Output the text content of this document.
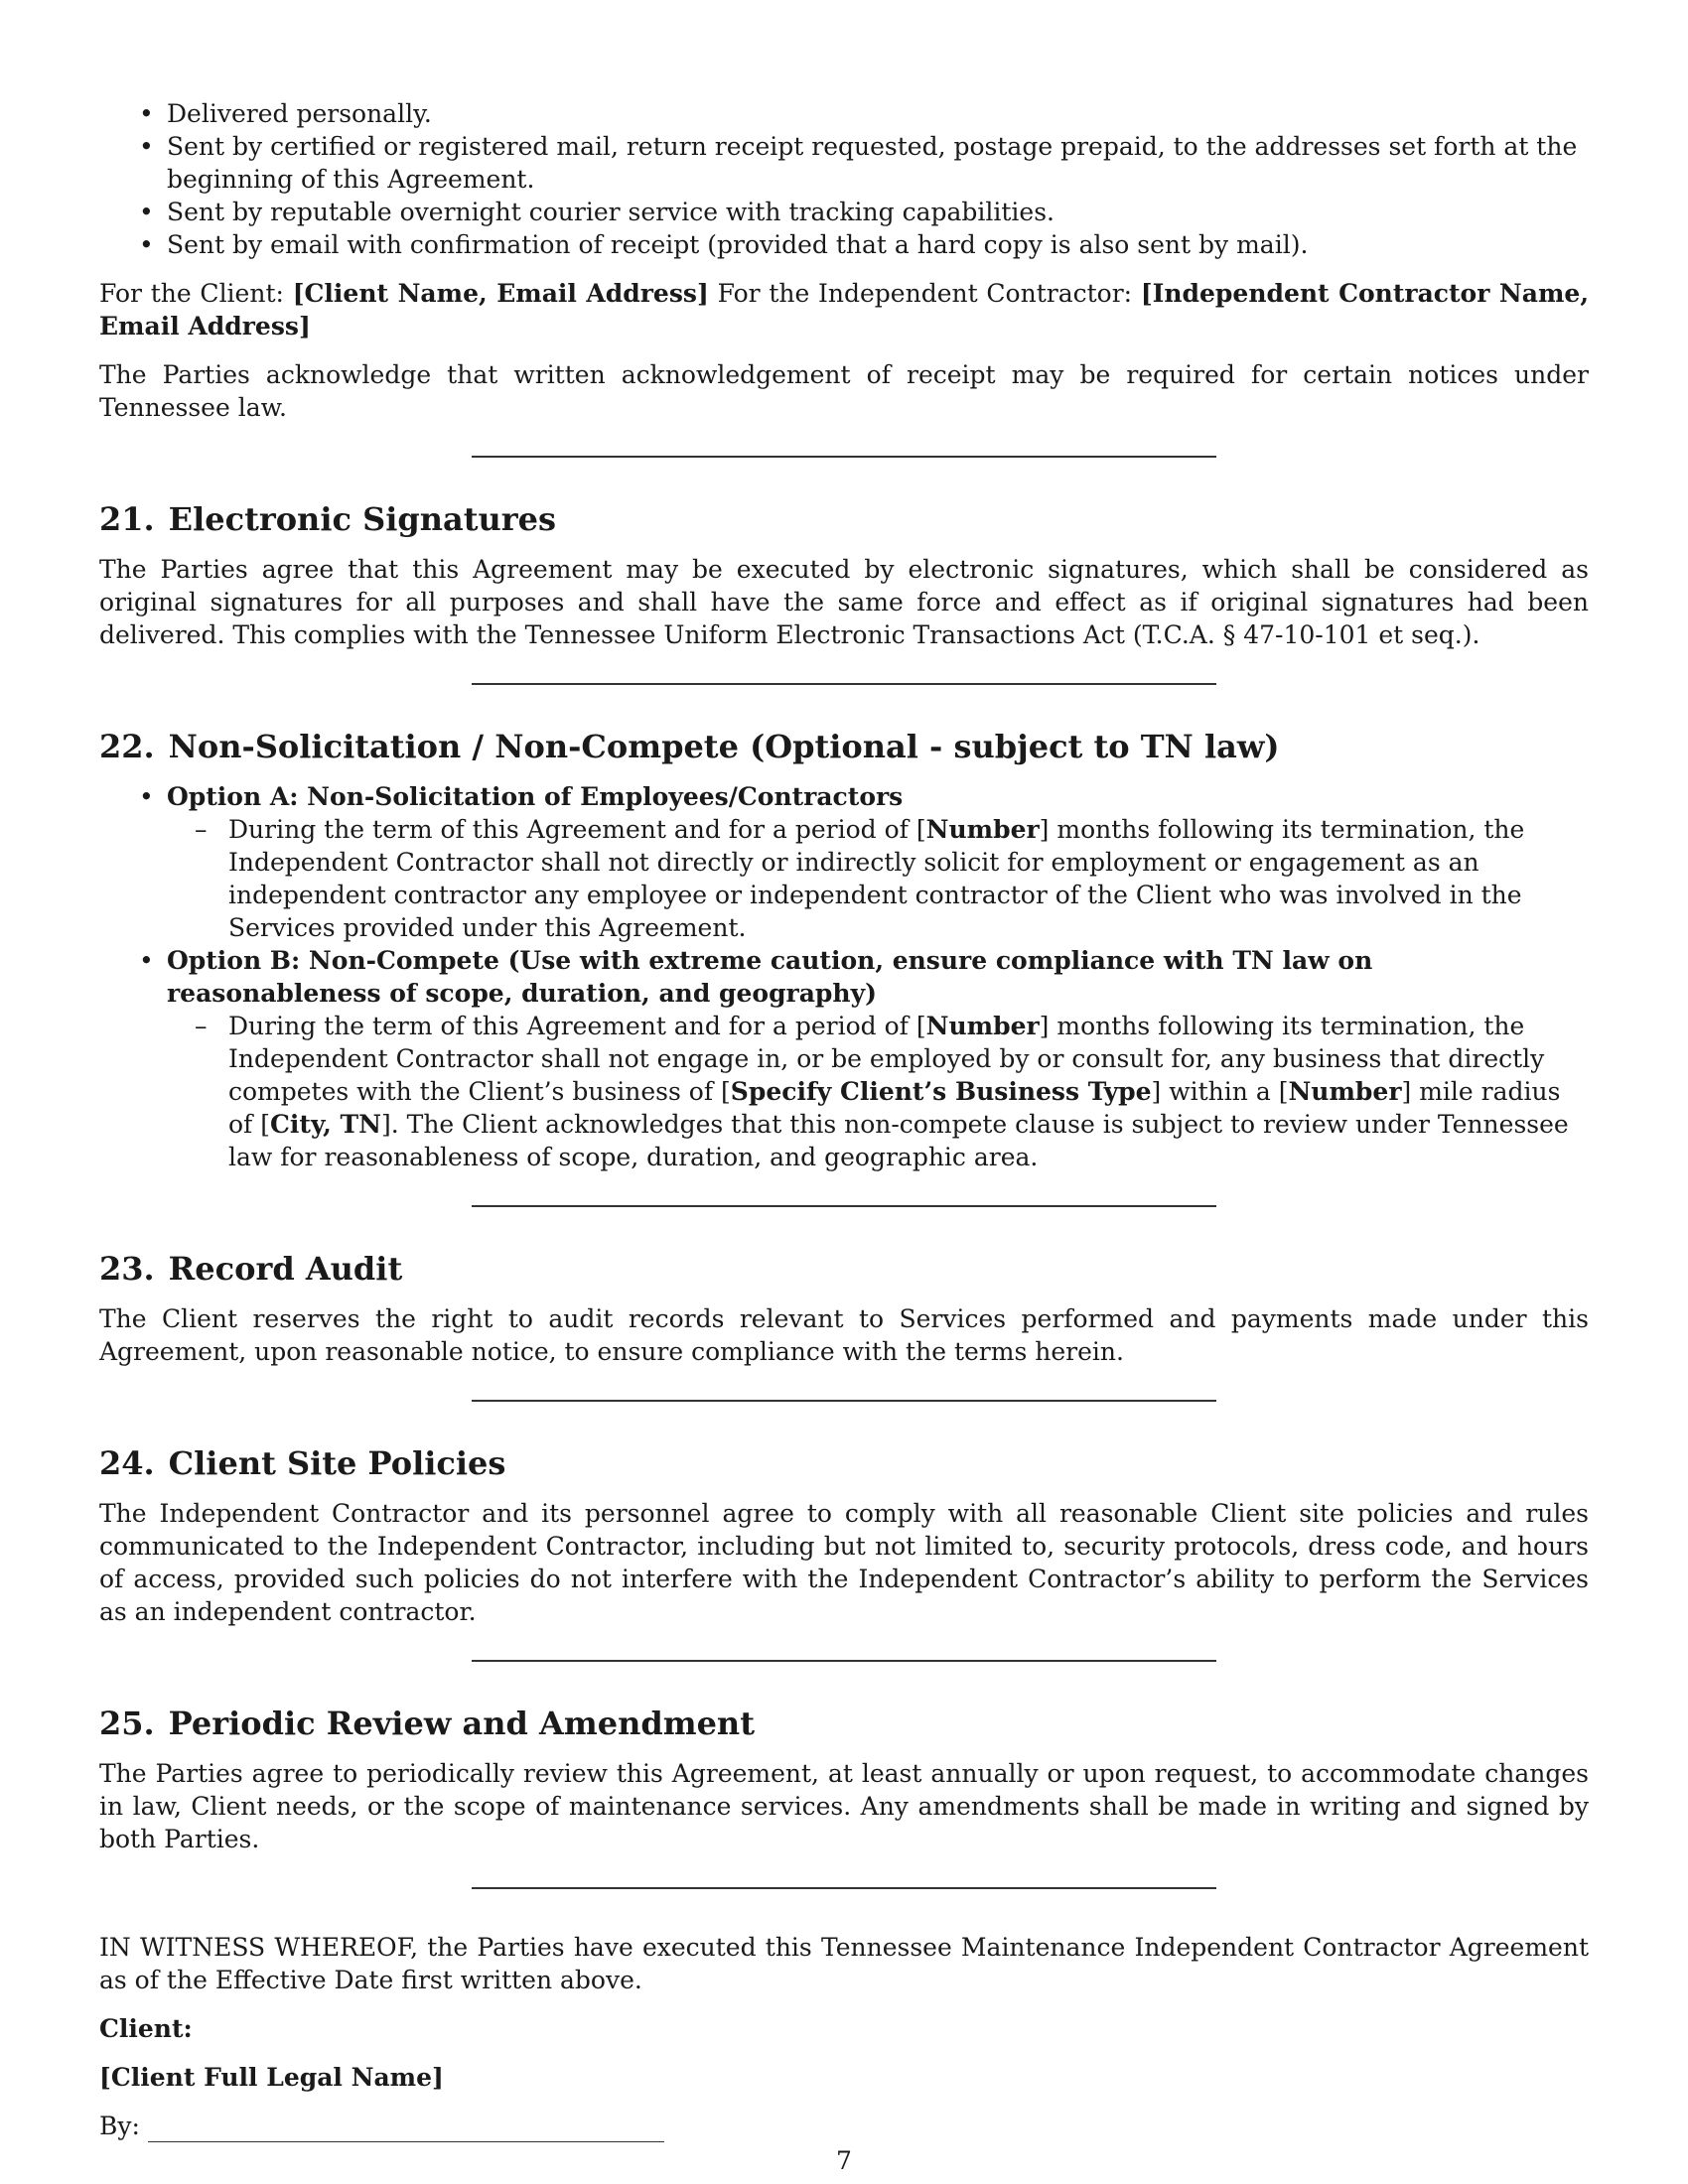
• Delivered personally.
• Sent by certified or registered mail, return receipt requested, postage prepaid, to the addresses set forth at the beginning of this Agreement.
• Sent by reputable overnight courier service with tracking capabilities.
• Sent by email with confirmation of receipt (provided that a hard copy is also sent by mail).

For the Client: [Client Name, Email Address] For the Independent Contractor: [Independent Contractor Name, Email Address]

The Parties acknowledge that written acknowledgement of receipt may be required for certain notices under Tennessee law.

21. Electronic Signatures

The Parties agree that this Agreement may be executed by electronic signatures, which shall be considered as original signatures for all purposes and shall have the same force and effect as if original signatures had been delivered. This complies with the Tennessee Uniform Electronic Transactions Act (T.C.A. § 47-10-101 et seq.).

22. Non-Solicitation / Non-Compete (Optional - subject to TN law)
• Option A: Non-Solicitation of Employees/Contractors
– During the term of this Agreement and for a period of [Number] months following its termination, the Independent Contractor shall not directly or indirectly solicit for employment or engagement as an independent contractor any employee or independent contractor of the Client who was involved in the Services provided under this Agreement.
• Option B: Non-Compete (Use with extreme caution, ensure compliance with TN law on reasonableness of scope, duration, and geography)
– During the term of this Agreement and for a period of [Number] months following its termination, the Independent Contractor shall not engage in, or be employed by or consult for, any business that directly competes with the Client’s business of [Specify Client’s Business Type] within a [Number] mile radius of [City, TN]. The Client acknowledges that this non-compete clause is subject to review under Tennessee law for reasonableness of scope, duration, and geographic area.
23. Record Audit

The Client reserves the right to audit records relevant to Services performed and payments made under this Agreement, upon reasonable notice, to ensure compliance with the terms herein.

24. Client Site Policies

The Independent Contractor and its personnel agree to comply with all reasonable Client site policies and rules communicated to the Independent Contractor, including but not limited to, security protocols, dress code, and hours of access, provided such policies do not interfere with the Independent Contractor’s ability to perform the Services as an independent contractor.

25. Periodic Review and Amendment

The Parties agree to periodically review this Agreement, at least annually or upon request, to accommodate changes in law, Client needs, or the scope of maintenance services. Any amendments shall be made in writing and signed by both Parties.

IN WITNESS WHEREOF, the Parties have executed this Tennessee Maintenance Independent Contractor Agreement as of the Effective Date first written above.

Client:

[Client Full Legal Name]

By:

7
